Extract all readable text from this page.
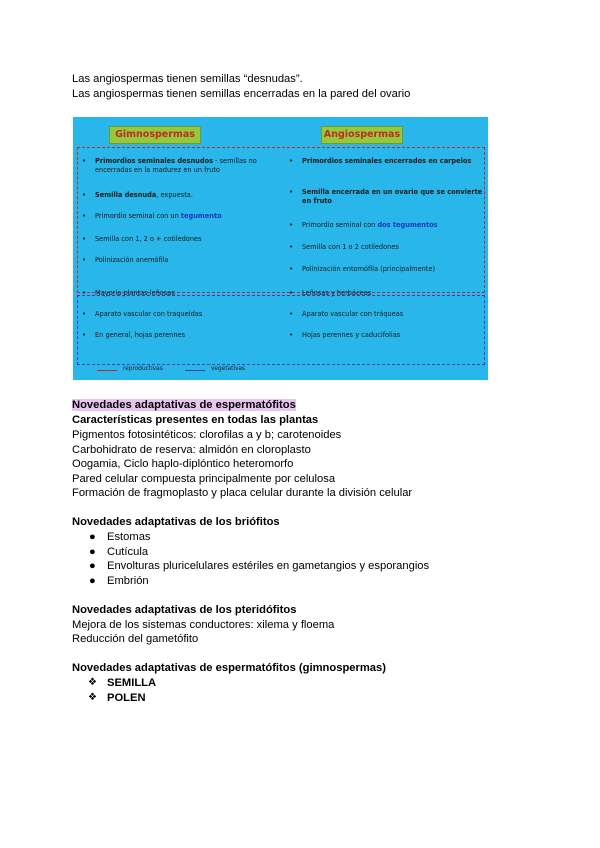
Las angiospermas tienen semillas “desnudas”.
Las angiospermas tienen semillas encerradas en la pared del ovario
Gimnospermas	Angiospermas
• Primordios seminales desnudos - semillas no
encerradas en la madurez en un fruto
• Semilla desnuda, expuesta.
• Primordio seminal con un tegumento
• Semilla con 1, 2 o + cotiledones
• Polinización anemófila
• Primordios seminales encerrados en carpelos
• Semilla encerrada en un ovario que se convierte
en fruto
• Primordio seminal con dos tegumentos
• Semilla con 1 o 2 cotiledones
• Polinización entomófila (principalmente)
• Mayoría plantas leñosas
• Aparato vascular con traqueidas
• En general, hojas perennes
• Leñosas y herbáceas
• Aparato vascular con tráqueas
• Hojas perennes y caducifolias
reproductivas	vegetativas
Novedades adaptativas de espermatófitos
Características presentes en todas las plantas
Pigmentos fotosintéticos: clorofilas a y b; carotenoides
Carbohidrato de reserva: almidón en cloroplasto
Oogamia, Ciclo haplo-diplóntico heteromorfo
Pared celular compuesta principalmente por celulosa
Formación de fragmoplasto y placa celular durante la división celular
Novedades adaptativas de los briófitos
● Estomas
● Cutícula
● Envolturas pluricelulares estériles en gametangios y esporangios
● Embrión
Novedades adaptativas de los pteridófitos
Mejora de los sistemas conductores: xilema y floema
Reducción del gametófito
Novedades adaptativas de espermatófitos (gimnospermas)
❖ SEMILLA
❖ POLEN
